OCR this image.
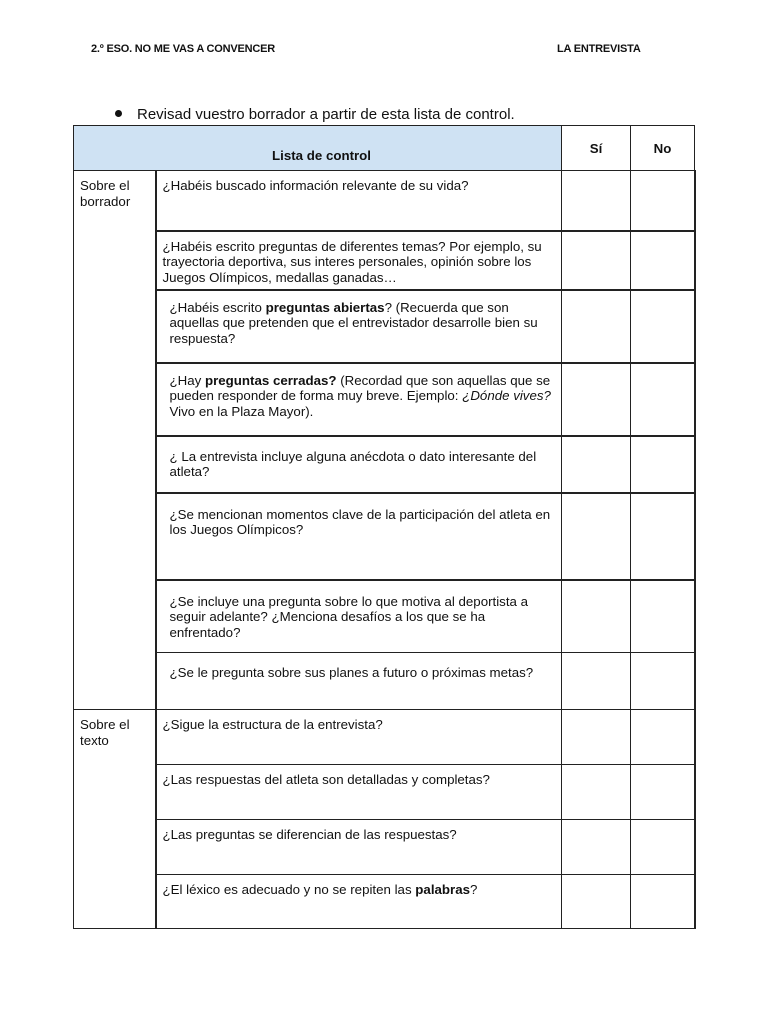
2.º ESO. NO ME VAS A CONVENCER	LA ENTREVISTA
Revisad vuestro borrador a partir de esta lista de control.
Lista de control		Sí	No

Sobre el borrador	¿Habéis buscado información relevante de su vida?		
	¿Habéis escrito preguntas de diferentes temas? Por ejemplo, su trayectoria deportiva, sus interes personales, opinión sobre los Juegos Olímpicos, medallas ganadas…		
	¿Habéis escrito preguntas abiertas? (Recuerda que son aquellas que pretenden que el entrevistador desarrolle bien su respuesta?		
	¿Hay preguntas cerradas? (Recordad que son aquellas que se pueden responder de forma muy breve. Ejemplo: ¿Dónde vives? Vivo en la Plaza Mayor).		
	¿ La entrevista incluye alguna anécdota o dato interesante del atleta?		
	¿Se mencionan momentos clave de la participación del atleta en los Juegos Olímpicos?		
	¿Se incluye una pregunta sobre lo que motiva al deportista a seguir adelante? ¿Menciona desafíos a los que se ha enfrentado?		
	¿Se le pregunta sobre sus planes a futuro o próximas metas?		
Sobre el texto	¿Sigue la estructura de la entrevista?		
	¿Las respuestas del atleta son detalladas y completas?		
	¿Las preguntas se diferencian de las respuestas?		
	¿El léxico es adecuado y no se repiten las palabras?		
